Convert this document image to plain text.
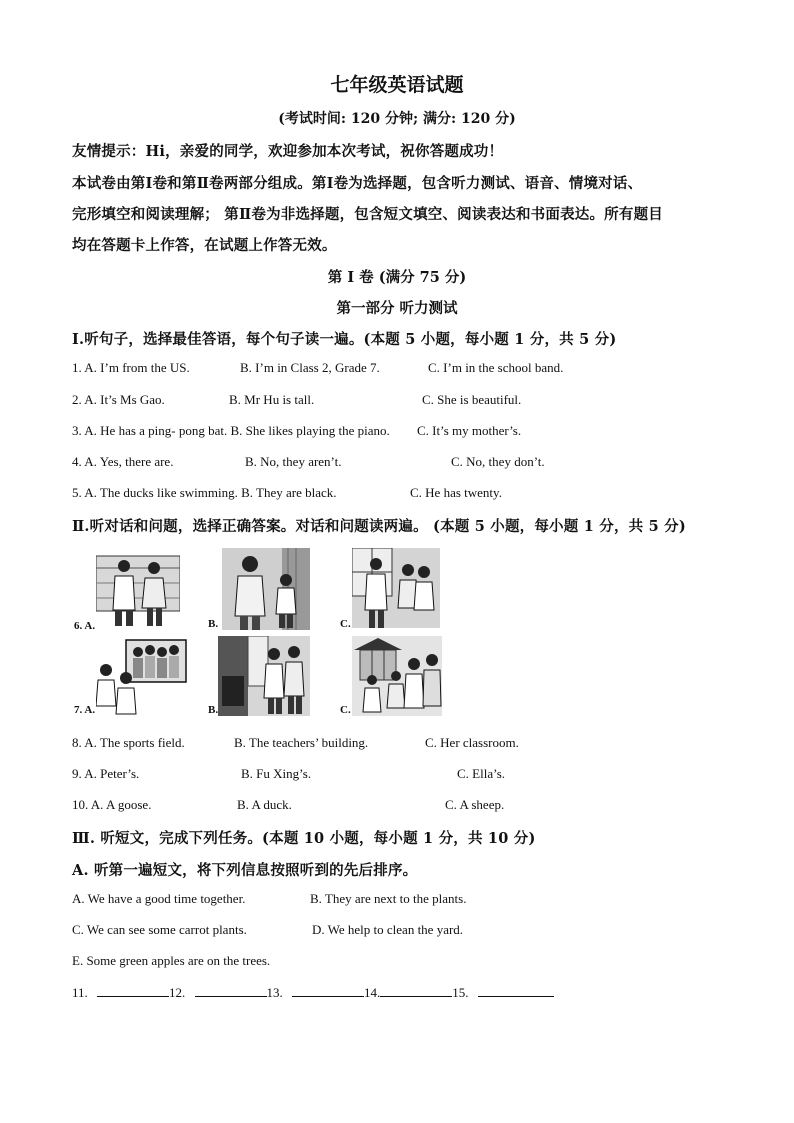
七年级英语试题
(考试时间: 120 分钟; 满分: 120 分)
友情提示：Hi，亲爱的同学，欢迎参加本次考试，祝你答题成功！
本试卷由第Ⅰ卷和第Ⅱ卷两部分组成。第Ⅰ卷为选择题，包含听力测试、语音、情境对话、
完形填空和阅读理解； 第Ⅱ卷为非选择题，包含短文填空、阅读表达和书面表达。所有题目
均在答题卡上作答，在试题上作答无效。
第 Ⅰ 卷 (满分 75 分)
第一部分 听力测试
Ⅰ.听句子，选择最佳答语，每个句子读一遍。(本题 5 小题，每小题 1 分，共 5 分)
1. A. I’m from the US.	B. I’m in Class 2, Grade 7.	C. I’m in the school band.
2. A. It’s Ms Gao.	B. Mr Hu is tall.	C. She is beautiful.
3. A. He has a ping- pong bat. B. She likes playing the piano. C. It’s my mother’s.
4. A. Yes, there are.	B. No, they aren’t.	C. No, they don’t.
5. A. The ducks like swimming. B. They are black.	C. He has twenty.
Ⅱ.听对话和问题，选择正确答案。对话和问题读两遍。 (本题 5 小题，每小题 1 分，共 5 分)
6. A.	B.	C.
7. A.	B.	C.
8. A. The sports field.	B. The teachers’ building.	C. Her classroom.
9. A. Peter’s.	B. Fu Xing’s.	C. Ella’s.
10. A. A goose.	B. A duck.	C. A sheep.
Ⅲ. 听短文，完成下列任务。(本题 10 小题，每小题 1 分，共 10 分)
A. 听第一遍短文，将下列信息按照听到的先后排序。
A. We have a good time together.	B. They are next to the plants.
C. We can see some carrot plants.	D. We help to clean the yard.
E. Some green apples are on the trees.
11.	12.	13.	14.	15.
